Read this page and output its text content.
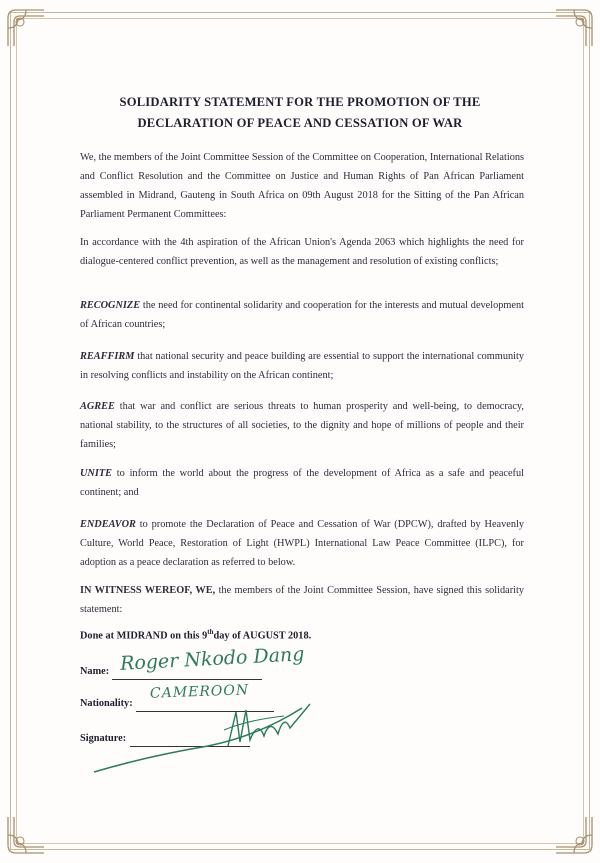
SOLIDARITY STATEMENT FOR THE PROMOTION OF THE
DECLARATION OF PEACE AND CESSATION OF WAR
We, the members of the Joint Committee Session of the Committee on Cooperation, International Relations and Conflict Resolution and the Committee on Justice and Human Rights of Pan African Parliament assembled in Midrand, Gauteng in South Africa on 09th August 2018 for the Sitting of the Pan African Parliament Permanent Committees:
In accordance with the 4th aspiration of the African Union's Agenda 2063 which highlights the need for dialogue-centered conflict prevention, as well as the management and resolution of existing conflicts;
RECOGNIZE the need for continental solidarity and cooperation for the interests and mutual development of African countries;
REAFFIRM that national security and peace building are essential to support the international community in resolving conflicts and instability on the African continent;
AGREE that war and conflict are serious threats to human prosperity and well-being, to democracy, national stability, to the structures of all societies, to the dignity and hope of millions of people and their families;
UNITE to inform the world about the progress of the development of Africa as a safe and peaceful continent; and
ENDEAVOR to promote the Declaration of Peace and Cessation of War (DPCW), drafted by Heavenly Culture, World Peace, Restoration of Light (HWPL) International Law Peace Committee (ILPC), for adoption as a peace declaration as referred to below.
IN WITNESS WEREOF, WE, the members of the Joint Committee Session, have signed this solidarity statement:
Done at MIDRAND on this 9thday of AUGUST 2018.
Name: Roger Nkodo Dang
Nationality:
CAMEROON
Signature:
